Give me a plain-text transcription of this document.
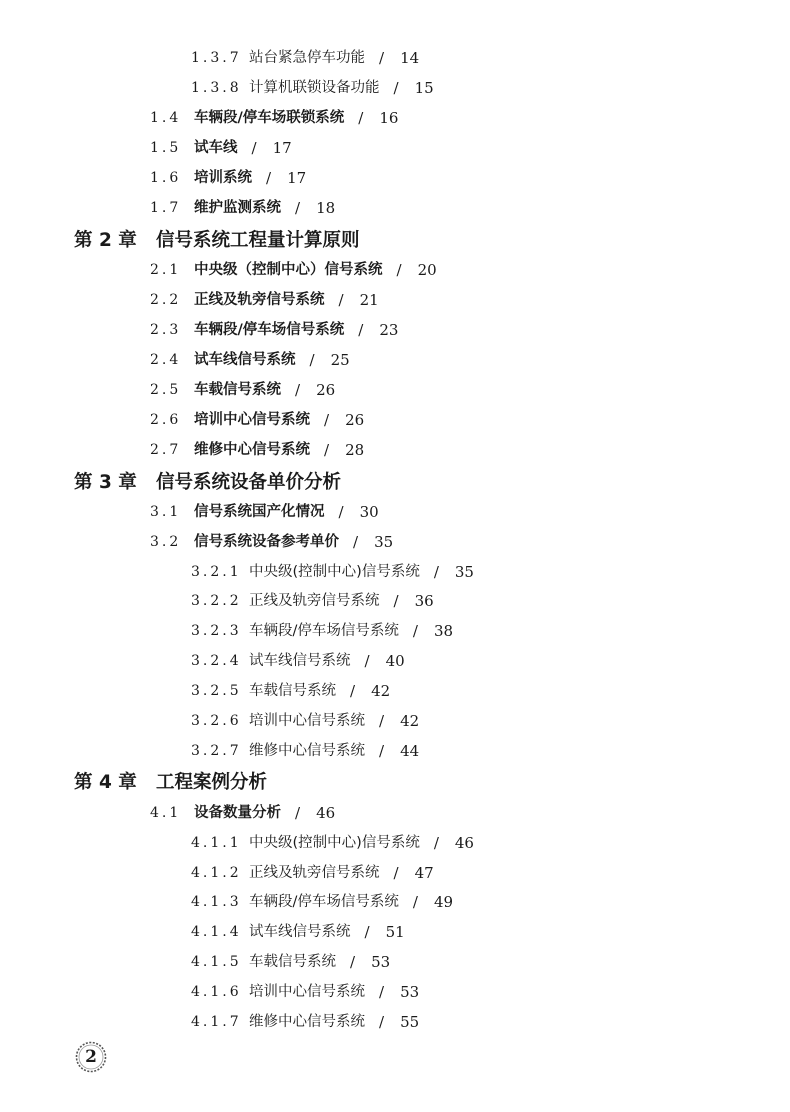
1.3.7 站台紧急停车功能 / 14
1.3.8 计算机联锁设备功能 / 15
1.4 车辆段/停车场联锁系统 / 16
1.5 试车线 / 17
1.6 培训系统 / 17
1.7 维护监测系统 / 18
第 2 章	信号系统工程量计算原则
2.1 中央级（控制中心）信号系统 / 20
2.2 正线及轨旁信号系统 / 21
2.3 车辆段/停车场信号系统 / 23
2.4 试车线信号系统 / 25
2.5 车载信号系统 / 26
2.6 培训中心信号系统 / 26
2.7 维修中心信号系统 / 28
第 3 章	信号系统设备单价分析
3.1 信号系统国产化情况 / 30
3.2 信号系统设备参考单价 / 35
3.2.1 中央级(控制中心)信号系统 / 35
3.2.2 正线及轨旁信号系统 / 36
3.2.3 车辆段/停车场信号系统 / 38
3.2.4 试车线信号系统 / 40
3.2.5 车载信号系统 / 42
3.2.6 培训中心信号系统 / 42
3.2.7 维修中心信号系统 / 44
第 4 章	工程案例分析
4.1 设备数量分析 / 46
4.1.1 中央级(控制中心)信号系统 / 46
4.1.2 正线及轨旁信号系统 / 47
4.1.3 车辆段/停车场信号系统 / 49
4.1.4 试车线信号系统 / 51
4.1.5 车载信号系统 / 53
4.1.6 培训中心信号系统 / 53
4.1.7 维修中心信号系统 / 55
2
